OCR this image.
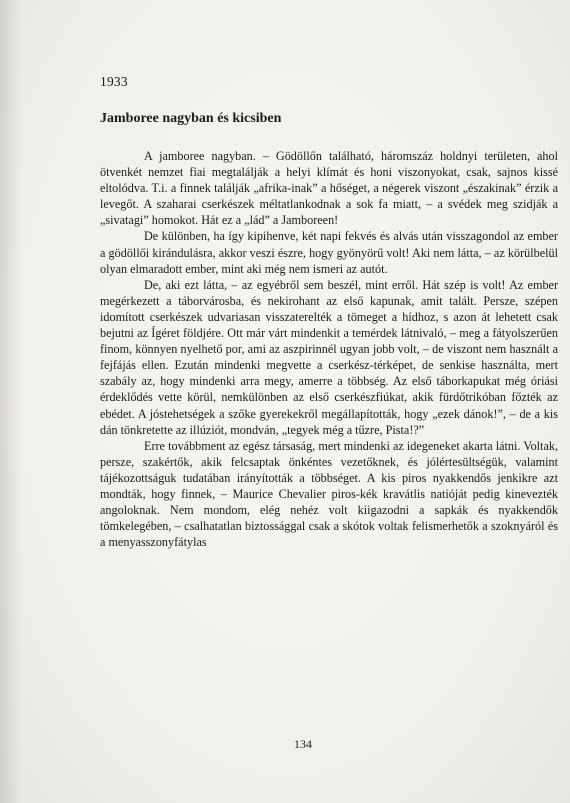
1933
Jamboree nagyban és kicsiben

A jamboree nagyban. – Gödöllőn található, háromszáz holdnyi területen, ahol ötvenkét nemzet fiai megtalálják a helyi klímát és honi viszonyokat, csak, sajnos kissé eltolódva. T.i. a finnek találják „afrika-inak” a hőséget, a négerek viszont „északinak” érzik a levegőt. A szaharai cserkészek méltatlankodnak a sok fa miatt, – a svédek meg szidják a „sivatagi” homokot. Hát ez a „lád” a Jamboreen!

De különben, ha így kipihenve, két napi fekvés és alvás után visszagondol az ember a gödöllői kirándulásra, akkor veszi észre, hogy gyönyörű volt! Aki nem látta, – az körülbelül olyan elmaradott ember, mint aki még nem ismeri az autót.

De, aki ezt látta, – az egyébről sem beszél, mint erről. Hát szép is volt! Az ember megérkezett a táborvárosba, és nekirohant az első kapunak, amit talált. Persze, szépen idomított cserkészek udvariasan visszaterelték a tömeget a hídhoz, s azon át lehetett csak bejutni az Ígéret földjére. Ott már várt mindenkit a temérdek látnivaló, – meg a fátyolszerűen finom, könnyen nyelhető por, ami az aszpirinnél ugyan jobb volt, – de viszont nem használt a fejfájás ellen. Ezután mindenki megvette a cserkész-térképet, de senkise használta, mert szabály az, hogy mindenki arra megy, amerre a többség. Az első táborkapukat még óriási érdeklődés vette körül, nemkülönben az első cserkészfiúkat, akik fürdőtrikóban főzték az ebédet. A jóstehetségek a szőke gyerekekről megállapították, hogy „ezek dánok!”, – de a kis dán tönkretette az illúziót, mondván, „tegyek még a tűzre, Pista!?”

Erre továbbment az egész társaság, mert mindenki az idegeneket akarta látni. Voltak, persze, szakértők, akik felcsaptak önkéntes vezetőknek, és jólértesültségük, valamint tájékozottságuk tudatában irányították a többséget. A kis piros nyakkendős jenkikre azt mondták, hogy finnek, – Maurice Chevalier piros-kék kravátlis natióját pedig kinevezték angoloknak. Nem mondom, elég nehéz volt kiigazodni a sapkák és nyakkendők tömkelegében, – csalhatatlan biztossággal csak a skótok voltak felismerhetők a szoknyáról és a menyasszonyfátylas

134
